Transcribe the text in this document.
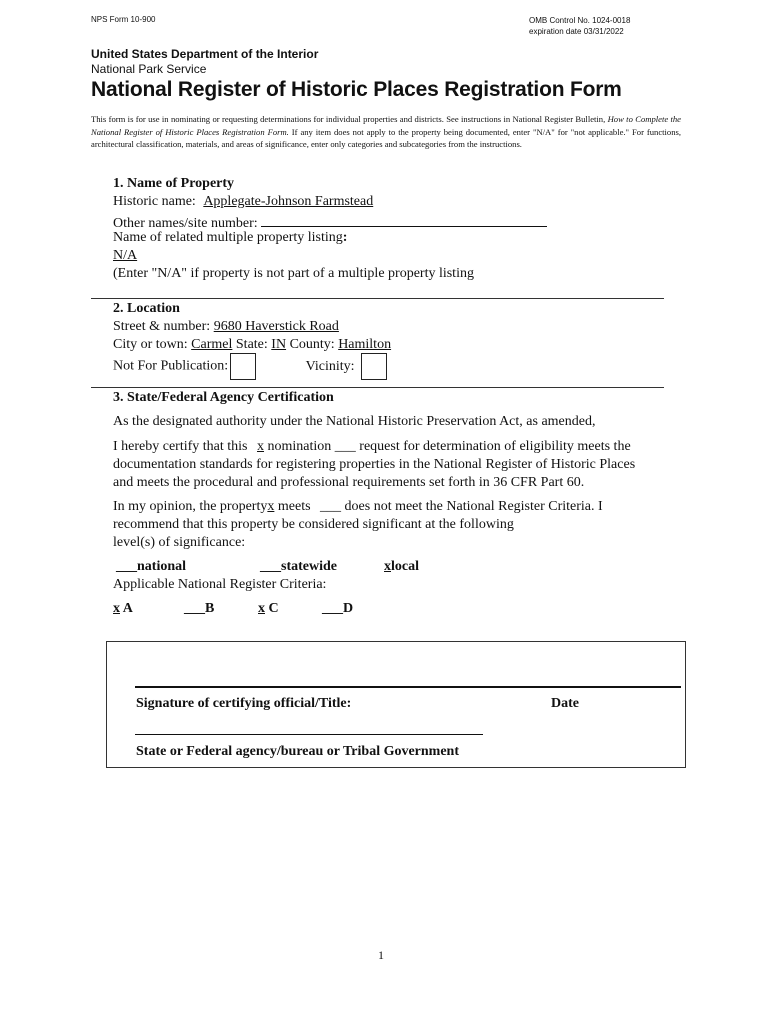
NPS Form 10-900	OMB Control No. 1024-0018
expiration date 03/31/2022
United States Department of the Interior
National Park Service
National Register of Historic Places Registration Form
This form is for use in nominating or requesting determinations for individual properties and districts. See instructions in National Register Bulletin, How to Complete the National Register of Historic Places Registration Form. If any item does not apply to the property being documented, enter "N/A" for "not applicable." For functions, architectural classification, materials, and areas of significance, enter only categories and subcategories from the instructions.
1. Name of Property
Historic name: Applegate-Johnson Farmstead
Other names/site number:
Name of related multiple property listing:
N/A
(Enter "N/A" if property is not part of a multiple property listing
2. Location
Street & number: 9680 Haverstick Road
City or town: Carmel State: IN County: Hamilton
Not For Publication:	Vicinity:
3. State/Federal Agency Certification
As the designated authority under the National Historic Preservation Act, as amended,
I hereby certify that this x nomination ___ request for determination of eligibility meets the
documentation standards for registering properties in the National Register of Historic Places
and meets the procedural and professional requirements set forth in 36 CFR Part 60.
In my opinion, the propertyx meets ___ does not meet the National Register Criteria. I
recommend that this property be considered significant at the following
level(s) of significance:
___national	___statewide	xlocal
Applicable National Register Criteria:
x A	___B	x C	___D
Signature of certifying official/Title:	Date
State or Federal agency/bureau or Tribal Government
1
